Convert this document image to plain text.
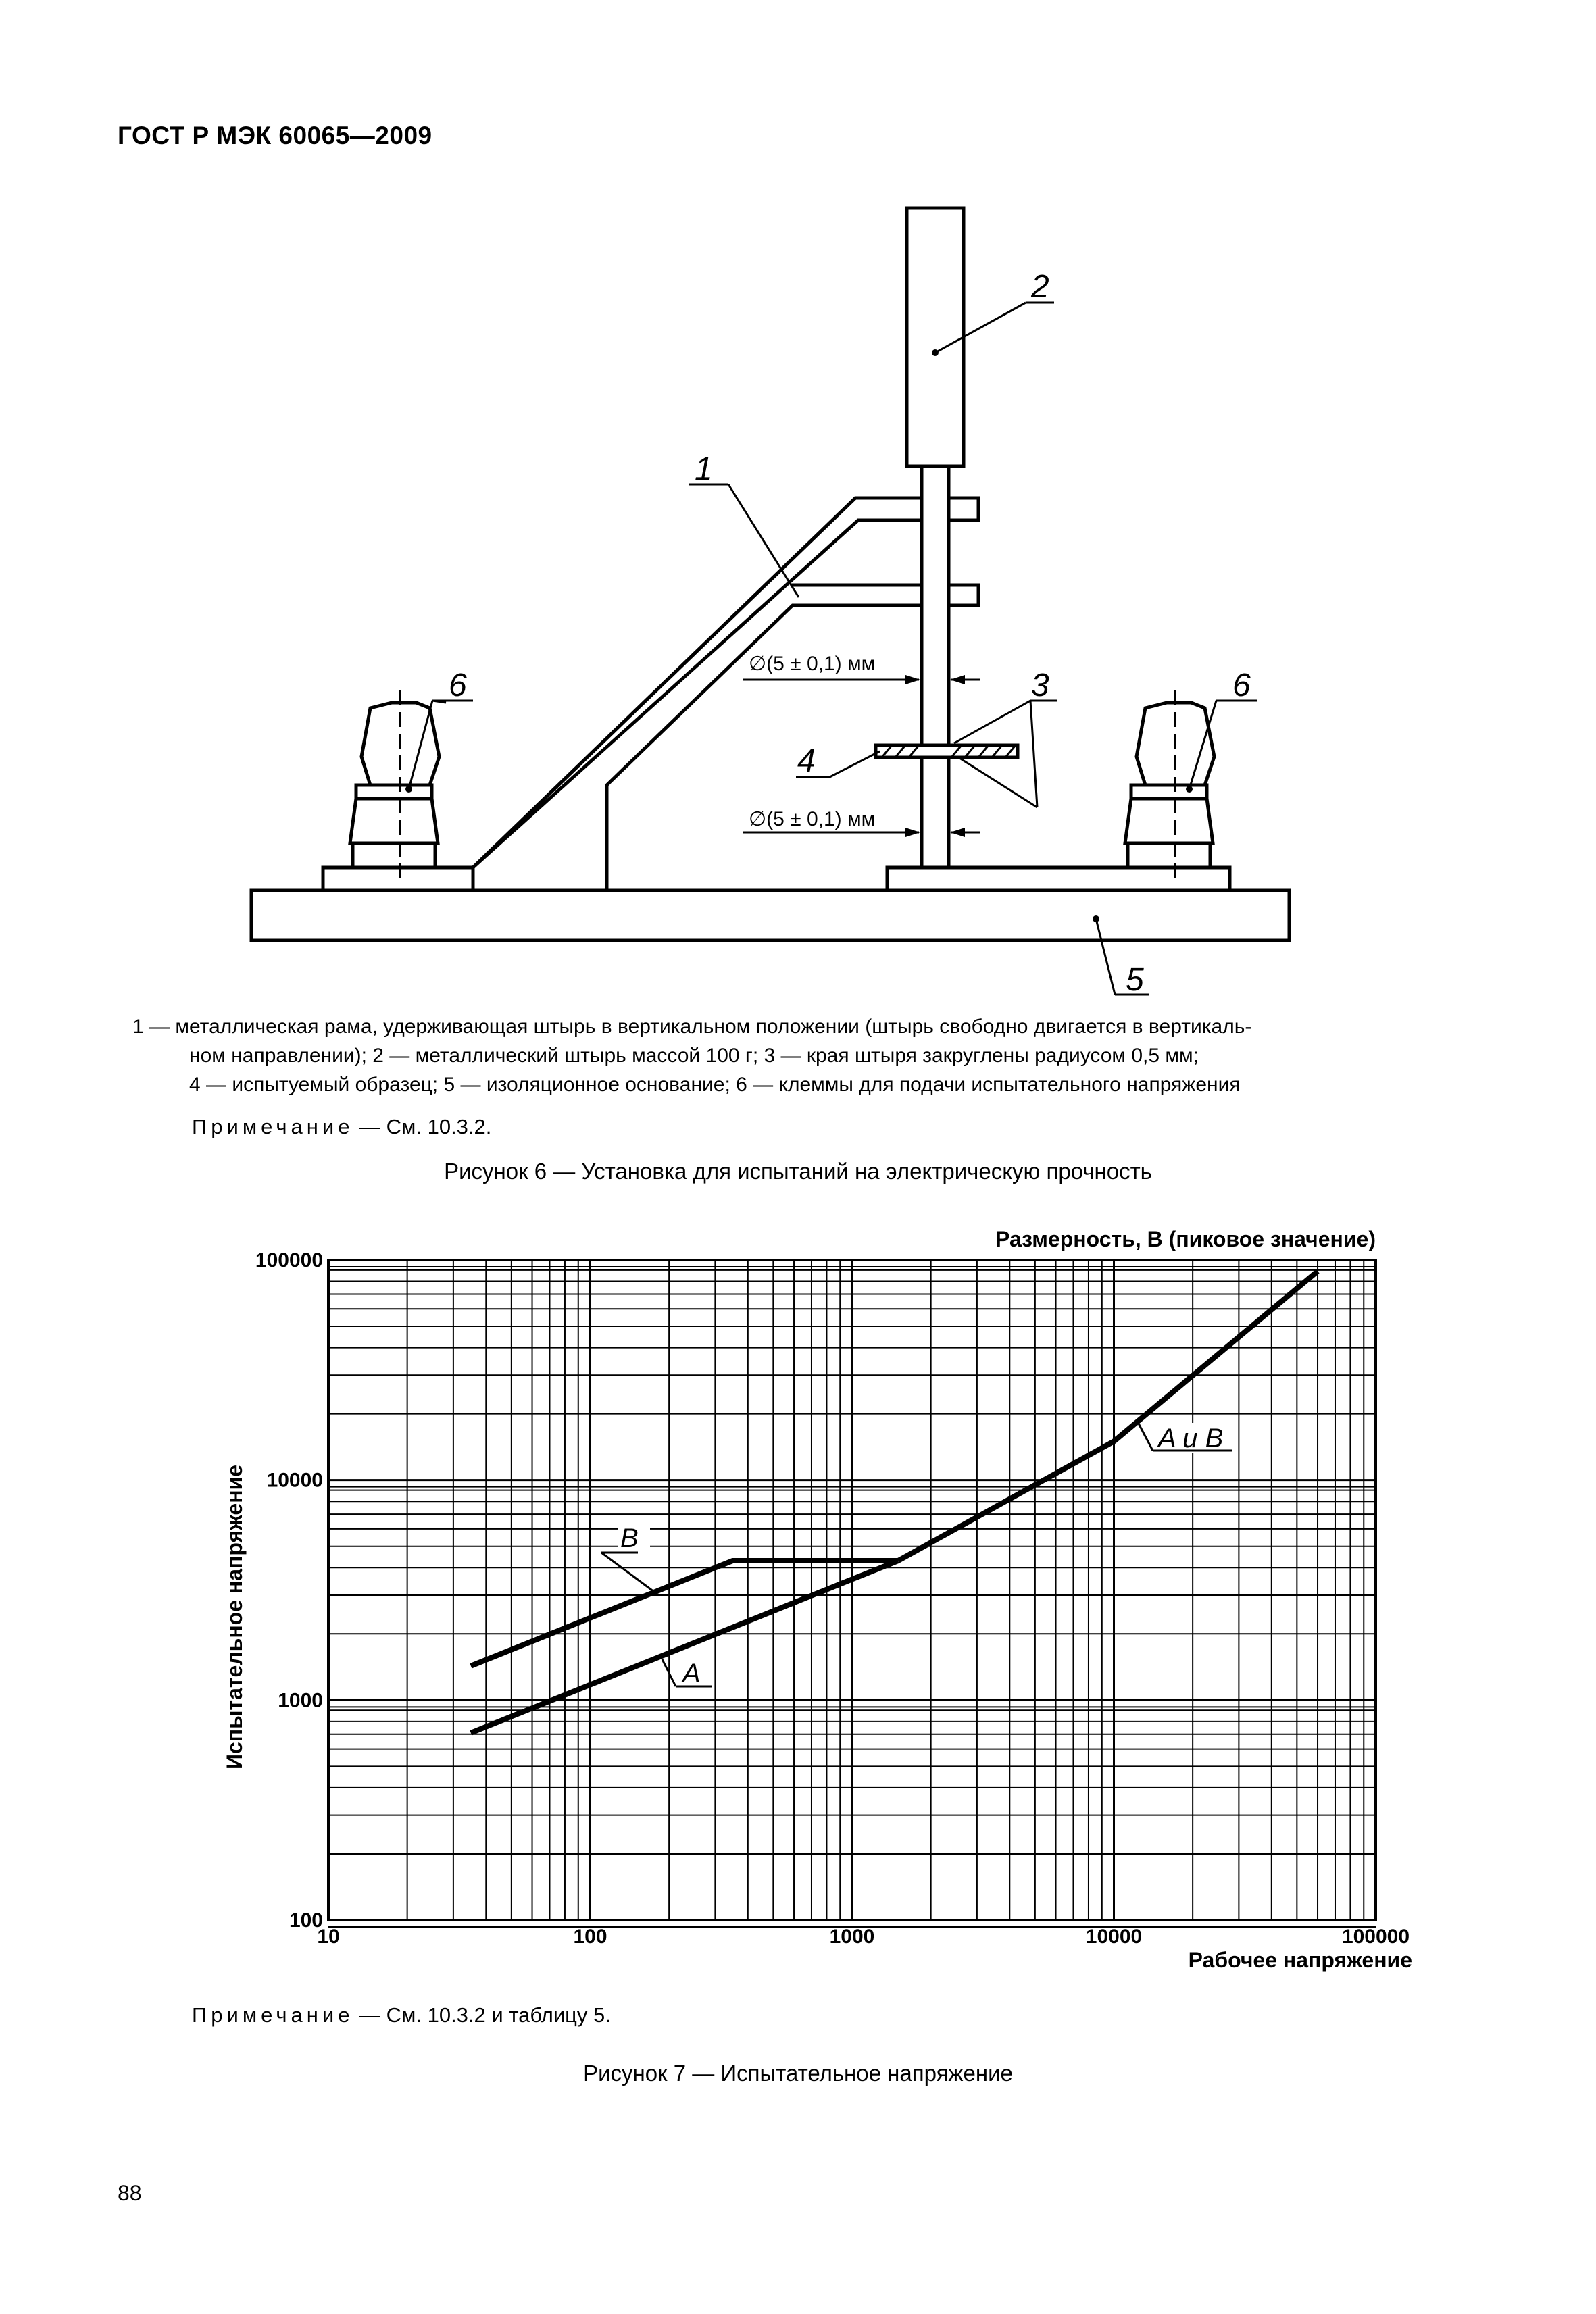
ГОСТ Р МЭК 60065—2009
1
2
3
4
5
6	6
∅(5 ± 0,1) мм
∅(5 ± 0,1) мм

1 — металлическая рама, удерживающая штырь в вертикальном положении (штырь свободно двигается в вертикаль-

ном направлении); 2 — металлический штырь массой 100 г; 3 — края штыря закруглены радиусом 0,5 мм;

4 — испытуемый образец; 5 — изоляционное основание; 6 — клеммы для подачи испытательного напряжения

Примечание — См. 10.3.2.
Рисунок 6 — Установка для испытаний на электрическую прочность
10	100	1000	10000	100000
100
1000
10000
100000
Размерность, В (пиковое значение)
Рабочее напряжение
Испытательное напряжение	B
A
A и B
Примечание — См. 10.3.2 и таблицу 5.
Рисунок 7 — Испытательное напряжение
88
